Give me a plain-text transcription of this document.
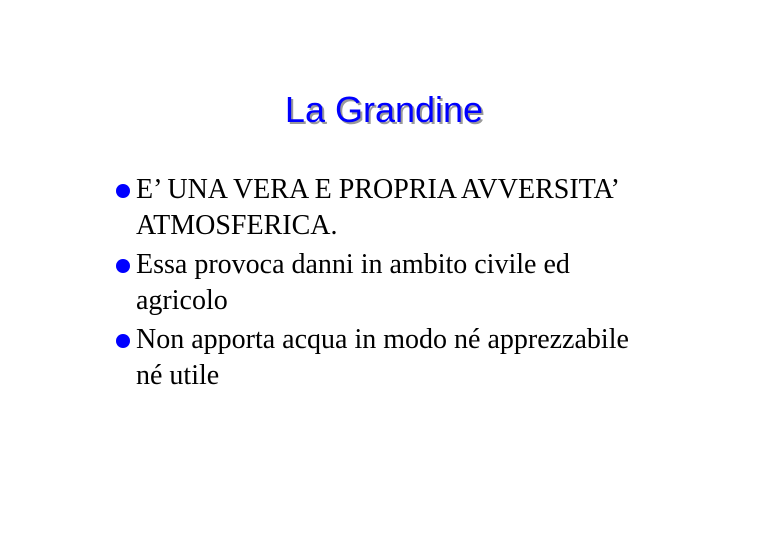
La Grandine
E’ UNA VERA E PROPRIA AVVERSITA’
ATMOSFERICA.
Essa provoca danni in ambito civile ed
agricolo
Non apporta acqua in modo né apprezzabile
né utile
